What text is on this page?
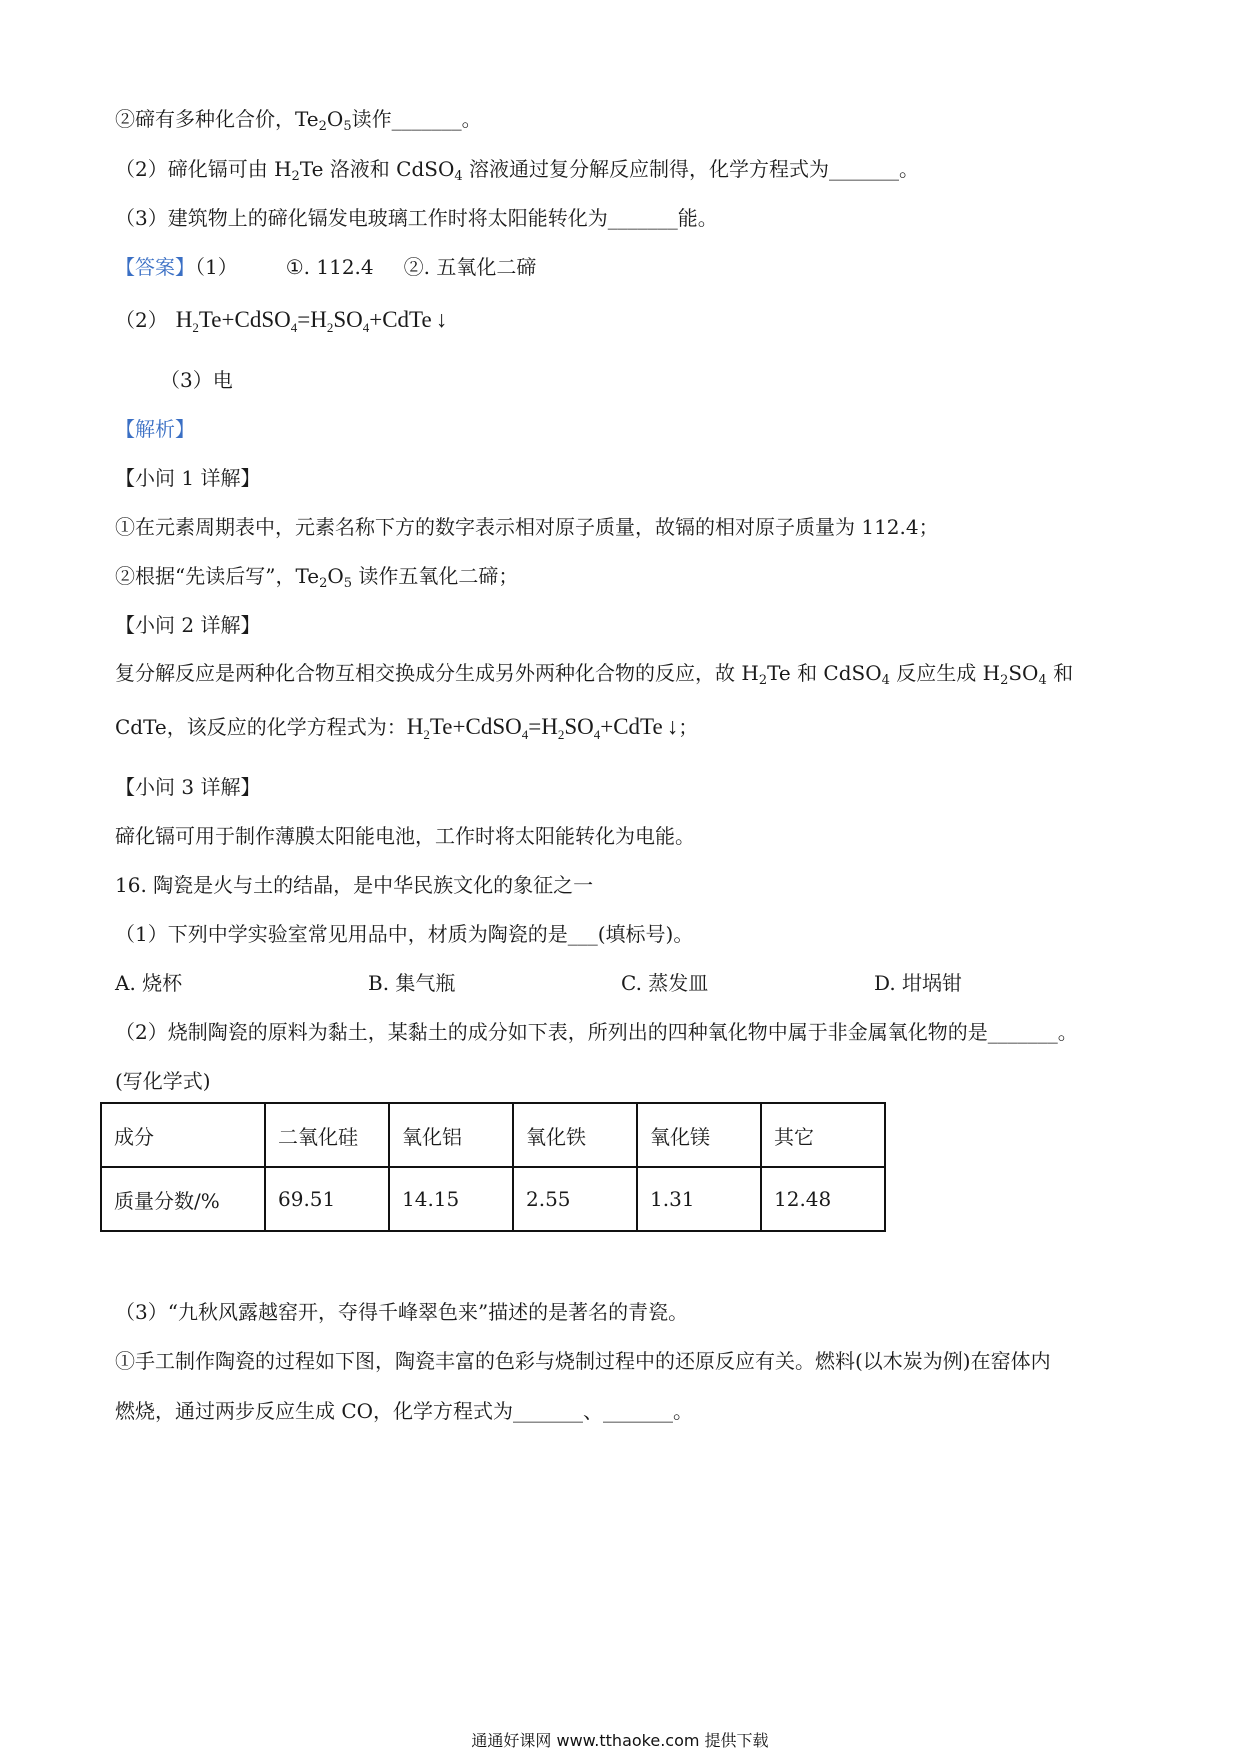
②碲有多种化合价，$Te_2O_5$读作_______。
（2）碲化镉可由 $H_2Te$ 洛液和 CdSO$_4$ 溶液通过复分解反应制得，化学方程式为_______。
（3）建筑物上的碲化镉发电玻璃工作时将太阳能转化为_______能。
【答案】（1） ①. 112.4 ②. 五氧化二碲
（2） $H_2Te+CdSO_4=H_2SO_4+CdTe$ ↓
（3）电
【解析】
【小问 1 详解】
①在元素周期表中，元素名称下方的数字表示相对原子质量，故镉的相对原子质量为 112.4；
②根据“先读后写”，$Te_2O_5$ 读作五氧化二碲；
【小问 2 详解】
复分解反应是两种化合物互相交换成分生成另外两种化合物的反应，故 $H_2Te$ 和 CdSO$_4$ 反应生成 $H_2SO_4$ 和
CdTe，该反应的化学方程式为：$H_2Te+CdSO_4=H_2SO_4+CdTe$ ↓；
【小问 3 详解】
碲化镉可用于制作薄膜太阳能电池，工作时将太阳能转化为电能。
16. 陶瓷是火与土的结晶，是中华民族文化的象征之一
（1）下列中学实验室常见用品中，材质为陶瓷的是___(填标号)。
A. 烧杯	B. 集气瓶	C. 蒸发皿	D. 坩埚钳
（2）烧制陶瓷的原料为黏土，某黏土的成分如下表，所列出的四种氧化物中属于非金属氧化物的是_______。
(写化学式)
成分	二氧化硅	氧化铝	氧化铁	氧化镁	其它
质量分数/%	69.51	14.15	2.55	1.31	12.48
（3）“九秋风露越窑开，夺得千峰翠色来”描述的是著名的青瓷。
①手工制作陶瓷的过程如下图，陶瓷丰富的色彩与烧制过程中的还原反应有关。燃料(以木炭为例)在窑体内
燃烧，通过两步反应生成 CO，化学方程式为_______、_______。
通通好课网 www.tthaoke.com 提供下载
